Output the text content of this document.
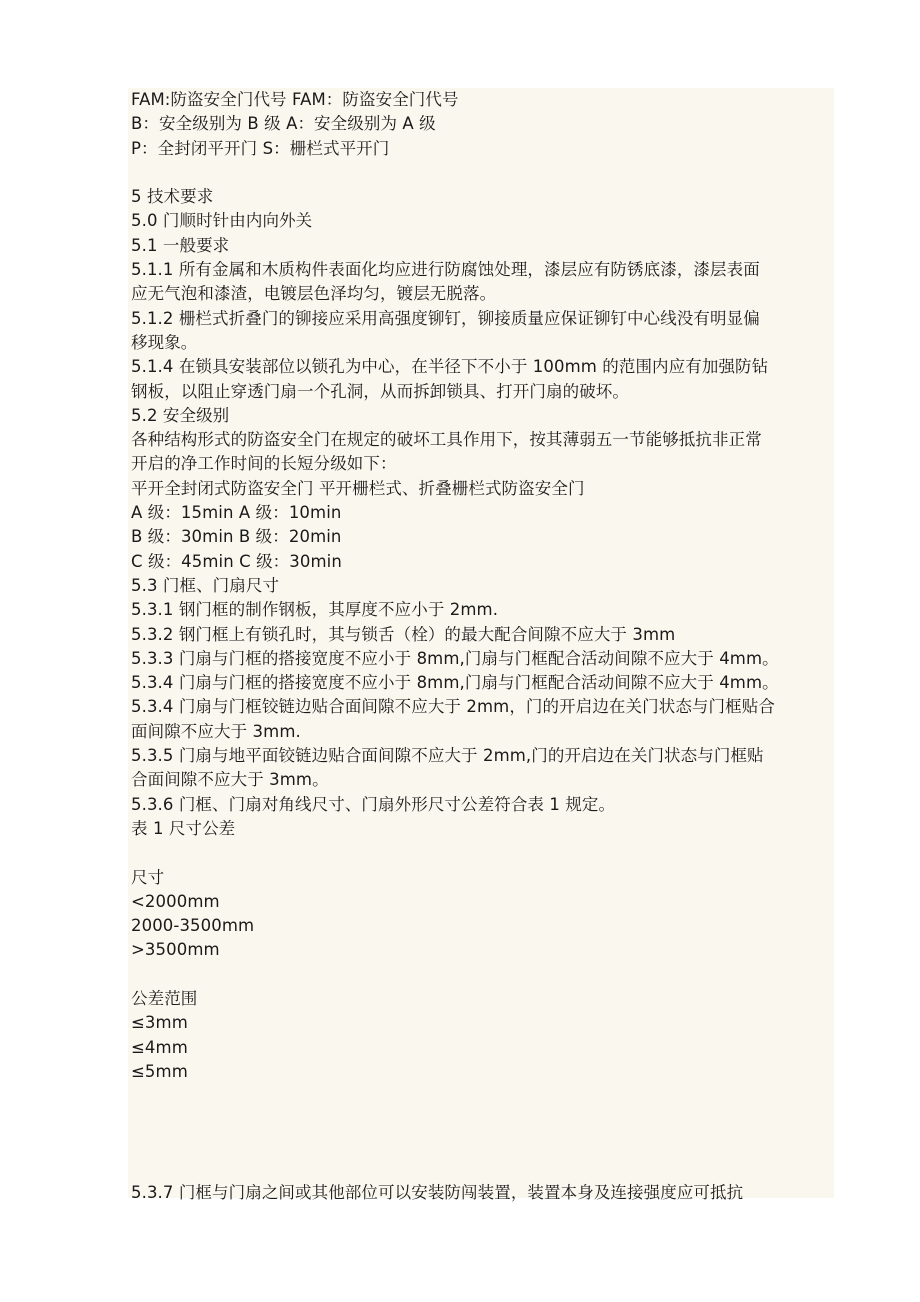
FAM:防盗安全门代号 FAM：防盗安全门代号
B：安全级别为 B 级 A：安全级别为 A 级
P：全封闭平开门 S：栅栏式平开门
5 技术要求
5.0 门顺时针由内向外关
5.1 一般要求
5.1.1 所有金属和木质构件表面化均应进行防腐蚀处理，漆层应有防锈底漆，漆层表面
应无气泡和漆渣，电镀层色泽均匀，镀层无脱落。
5.1.2 栅栏式折叠门的铆接应采用高强度铆钉，铆接质量应保证铆钉中心线没有明显偏
移现象。
5.1.4 在锁具安装部位以锁孔为中心，在半径下不小于 100mm 的范围内应有加强防钻
钢板，以阻止穿透门扇一个孔洞，从而拆卸锁具、打开门扇的破坏。
5.2 安全级别
各种结构形式的防盗安全门在规定的破坏工具作用下，按其薄弱五一节能够抵抗非正常
开启的净工作时间的长短分级如下：
平开全封闭式防盗安全门 平开栅栏式、折叠栅栏式防盗安全门
A 级：15min A 级：10min
B 级：30min B 级：20min
C 级：45min C 级：30min
5.3 门框、门扇尺寸
5.3.1 钢门框的制作钢板，其厚度不应小于 2mm.
5.3.2 钢门框上有锁孔时，其与锁舌（栓）的最大配合间隙不应大于 3mm
5.3.3 门扇与门框的搭接宽度不应小于 8mm,门扇与门框配合活动间隙不应大于 4mm。
5.3.4 门扇与门框的搭接宽度不应小于 8mm,门扇与门框配合活动间隙不应大于 4mm。
5.3.4 门扇与门框铰链边贴合面间隙不应大于 2mm，门的开启边在关门状态与门框贴合
面间隙不应大于 3mm.
5.3.5 门扇与地平面铰链边贴合面间隙不应大于 2mm,门的开启边在关门状态与门框贴
合面间隙不应大于 3mm。
5.3.6 门框、门扇对角线尺寸、门扇外形尺寸公差符合表 1 规定。
表 1 尺寸公差
尺寸
<2000mm
2000-3500mm
>3500mm
公差范围
≤3mm
≤4mm
≤5mm
5.3.7 门框与门扇之间或其他部位可以安装防闯装置，装置本身及连接强度应可抵抗
